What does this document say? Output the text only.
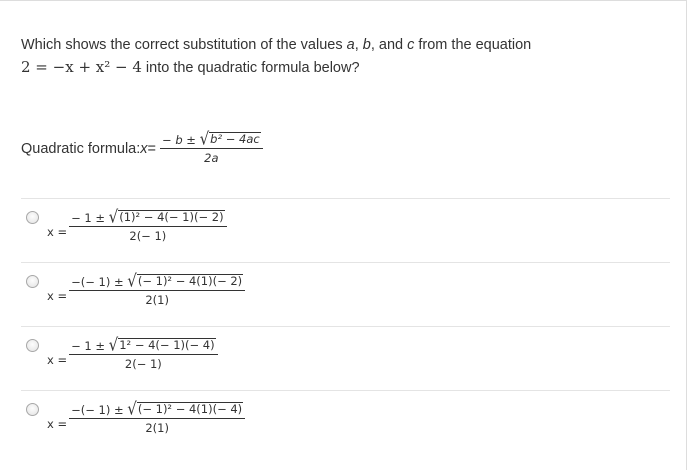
Which shows the correct substitution of the values a, b, and c from the equation
2 = −x + x² − 4 into the quadratic formula below?
Quadratic formula: x =
$\frac{\text{− b ± √ b² − 4ac}}{2a}$
$x = \frac{\text{− 1 ± √ (1)² − 4(− 1)(− 2)}}{2(- 1)}$
$x = \frac{\text{−(− 1) ± √ (− 1)² − 4(1)(− 2)}}{2(1)}$
$x = \frac{\text{− 1 ± √ 1² − 4(− 1)(− 4)}}{2(- 1)}$
$x = \frac{\text{−(− 1) ± √ (− 1)² − 4(1)(− 4)}}{2(1)}$
